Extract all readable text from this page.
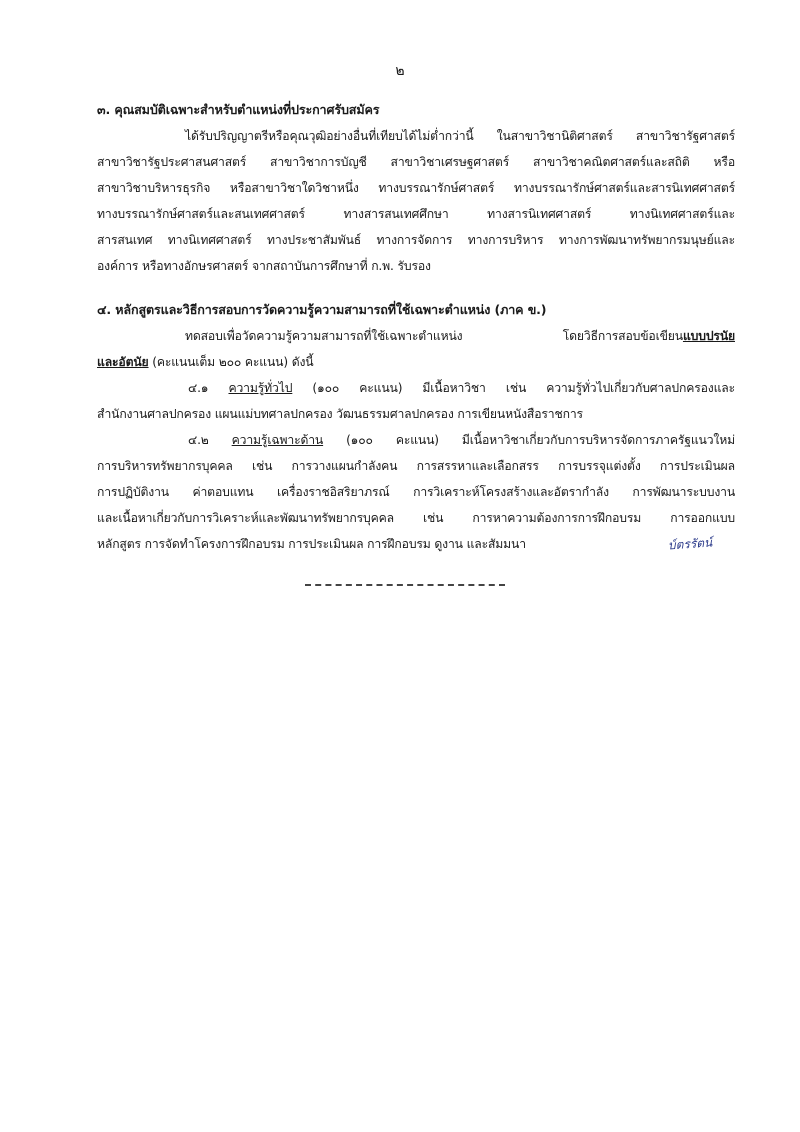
๒
๓. คุณสมบัติเฉพาะสำหรับตำแหน่งที่ประกาศรับสมัคร
ได้รับปริญญาตรีหรือคุณวุฒิอย่างอื่นที่เทียบได้ไม่ต่ำกว่านี้ ในสาขาวิชานิติศาสตร์ สาขาวิชารัฐศาสตร์
สาขาวิชารัฐประศาสนศาสตร์ สาขาวิชาการบัญชี สาขาวิชาเศรษฐศาสตร์ สาขาวิชาคณิตศาสตร์และสถิติ หรือ
สาขาวิชาบริหารธุรกิจ หรือสาขาวิชาใดวิชาหนึ่ง ทางบรรณารักษ์ศาสตร์ ทางบรรณารักษ์ศาสตร์และสารนิเทศศาสตร์
ทางบรรณารักษ์ศาสตร์และสนเทศศาสตร์ ทางสารสนเทศศึกษา ทางสารนิเทศศาสตร์ ทางนิเทศศาสตร์และ
สารสนเทศ ทางนิเทศศาสตร์ ทางประชาสัมพันธ์ ทางการจัดการ ทางการบริหาร ทางการพัฒนาทรัพยากรมนุษย์และ
องค์การ หรือทางอักษรศาสตร์ จากสถาบันการศึกษาที่ ก.พ. รับรอง
๔. หลักสูตรและวิธีการสอบการวัดความรู้ความสามารถที่ใช้เฉพาะตำแหน่ง (ภาค ข.)
ทดสอบเพื่อวัดความรู้ความสามารถที่ใช้เฉพาะตำแหน่ง โดยวิธีการสอบข้อเขียนแบบปรนัย
และอัตนัย (คะแนนเต็ม ๒๐๐ คะแนน) ดังนี้
๔.๑ ความรู้ทั่วไป (๑๐๐ คะแนน) มีเนื้อหาวิชา เช่น ความรู้ทั่วไปเกี่ยวกับศาลปกครองและ
สำนักงานศาลปกครอง แผนแม่บทศาลปกครอง วัฒนธรรมศาลปกครอง การเขียนหนังสือราชการ
๔.๒ ความรู้เฉพาะด้าน (๑๐๐ คะแนน) มีเนื้อหาวิชาเกี่ยวกับการบริหารจัดการภาครัฐแนวใหม่
การบริหารทรัพยากรบุคคล เช่น การวางแผนกำลังคน การสรรหาและเลือกสรร การบรรจุแต่งตั้ง การประเมินผล
การปฏิบัติงาน ค่าตอบแทน เครื่องราชอิสริยาภรณ์ การวิเคราะห์โครงสร้างและอัตรากำลัง การพัฒนาระบบงาน
และเนื้อหาเกี่ยวกับการวิเคราะห์และพัฒนาทรัพยากรบุคคล เช่น การหาความต้องการการฝึกอบรม การออกแบบ
หลักสูตร การจัดทำโครงการฝึกอบรม การประเมินผล การฝึกอบรม ดูงาน และสัมมนา	บ์ตรรัตน์
